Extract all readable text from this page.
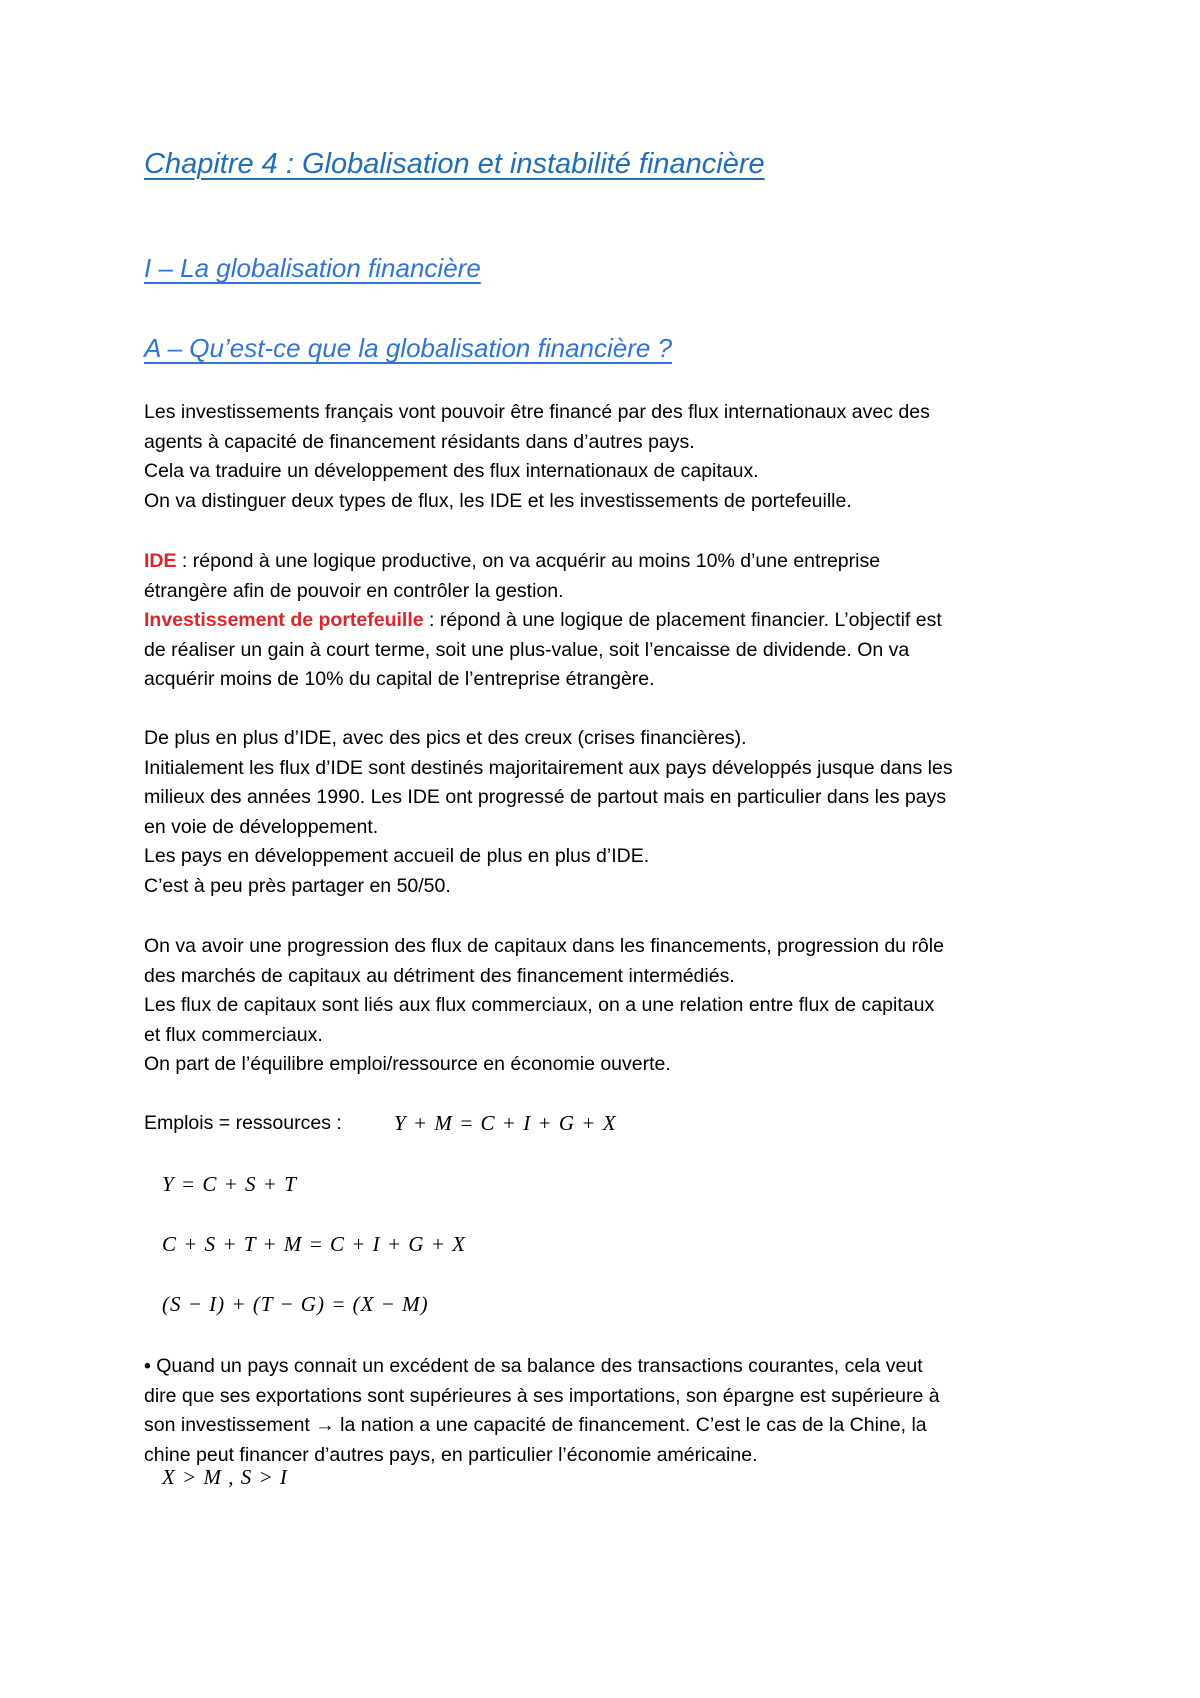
Chapitre 4 : Globalisation et instabilité financière
I – La globalisation financière
A – Qu’est-ce que la globalisation financière ?
Les investissements français vont pouvoir être financé par des flux internationaux avec des
agents à capacité de financement résidants dans d’autres pays.
Cela va traduire un développement des flux internationaux de capitaux.
On va distinguer deux types de flux, les IDE et les investissements de portefeuille.
IDE : répond à une logique productive, on va acquérir au moins 10% d’une entreprise
étrangère afin de pouvoir en contrôler la gestion.
Investissement de portefeuille : répond à une logique de placement financier. L’objectif est
de réaliser un gain à court terme, soit une plus-value, soit l’encaisse de dividende. On va
acquérir moins de 10% du capital de l’entreprise étrangère.
De plus en plus d’IDE, avec des pics et des creux (crises financières).
Initialement les flux d’IDE sont destinés majoritairement aux pays développés jusque dans les
milieux des années 1990. Les IDE ont progressé de partout mais en particulier dans les pays
en voie de développement.
Les pays en développement accueil de plus en plus d’IDE.
C’est à peu près partager en 50/50.
On va avoir une progression des flux de capitaux dans les financements, progression du rôle
des marchés de capitaux au détriment des financement intermédiés.
Les flux de capitaux sont liés aux flux commerciaux, on a une relation entre flux de capitaux
et flux commerciaux.
On part de l’équilibre emploi/ressource en économie ouverte.
Emplois = ressources : Y + M = C + I + G + X
Y = C + S + T
C + S + T + M = C + I + G + X
(S − I) + (T − G) = (X − M)
• Quand un pays connait un excédent de sa balance des transactions courantes, cela veut
dire que ses exportations sont supérieures à ses importations, son épargne est supérieure à
son investissement → la nation a une capacité de financement. C’est le cas de la Chine, la
chine peut financer d’autres pays, en particulier l’économie américaine.
X > M , S > I
